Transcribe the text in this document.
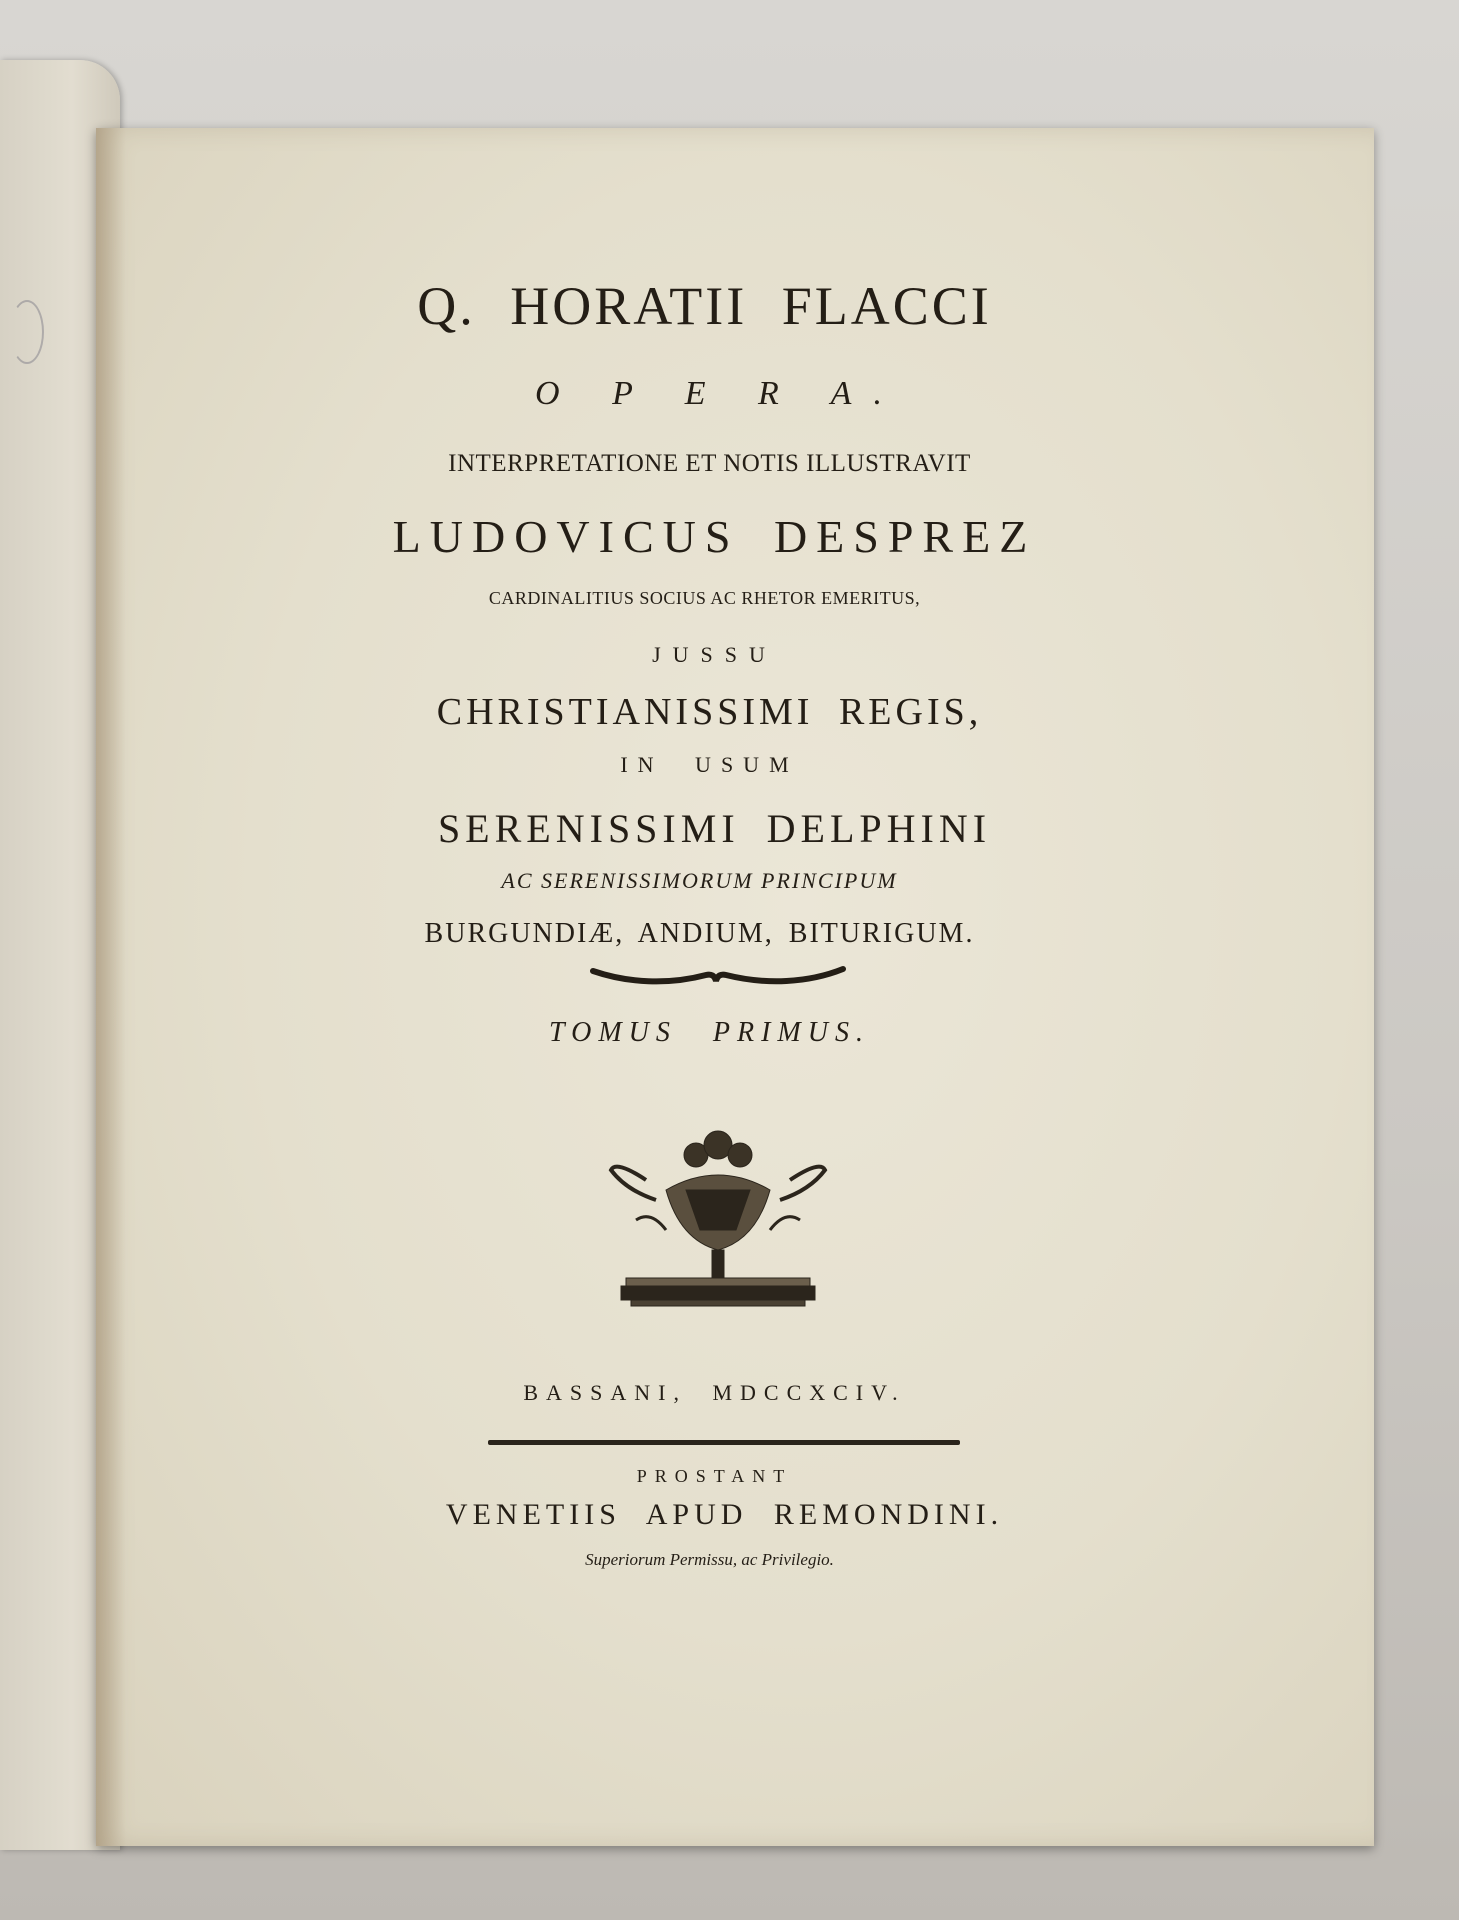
Q. HORATII FLACCI
O P E R A.
INTERPRETATIONE ET NOTIS ILLUSTRAVIT
LUDOVICUS DESPREZ
CARDINALITIUS SOCIUS AC RHETOR EMERITUS,
JUSSU
CHRISTIANISSIMI REGIS,
IN USUM
SERENISSIMI DELPHINI
AC SERENISSIMORUM PRINCIPUM
BURGUNDIÆ, ANDIUM, BITURIGUM.
TOMUS PRIMUS.
BASSANI, MDCCXCIV.
PROSTANT
VENETIIS APUD REMONDINI.
Superiorum Permissu, ac Privilegio.
